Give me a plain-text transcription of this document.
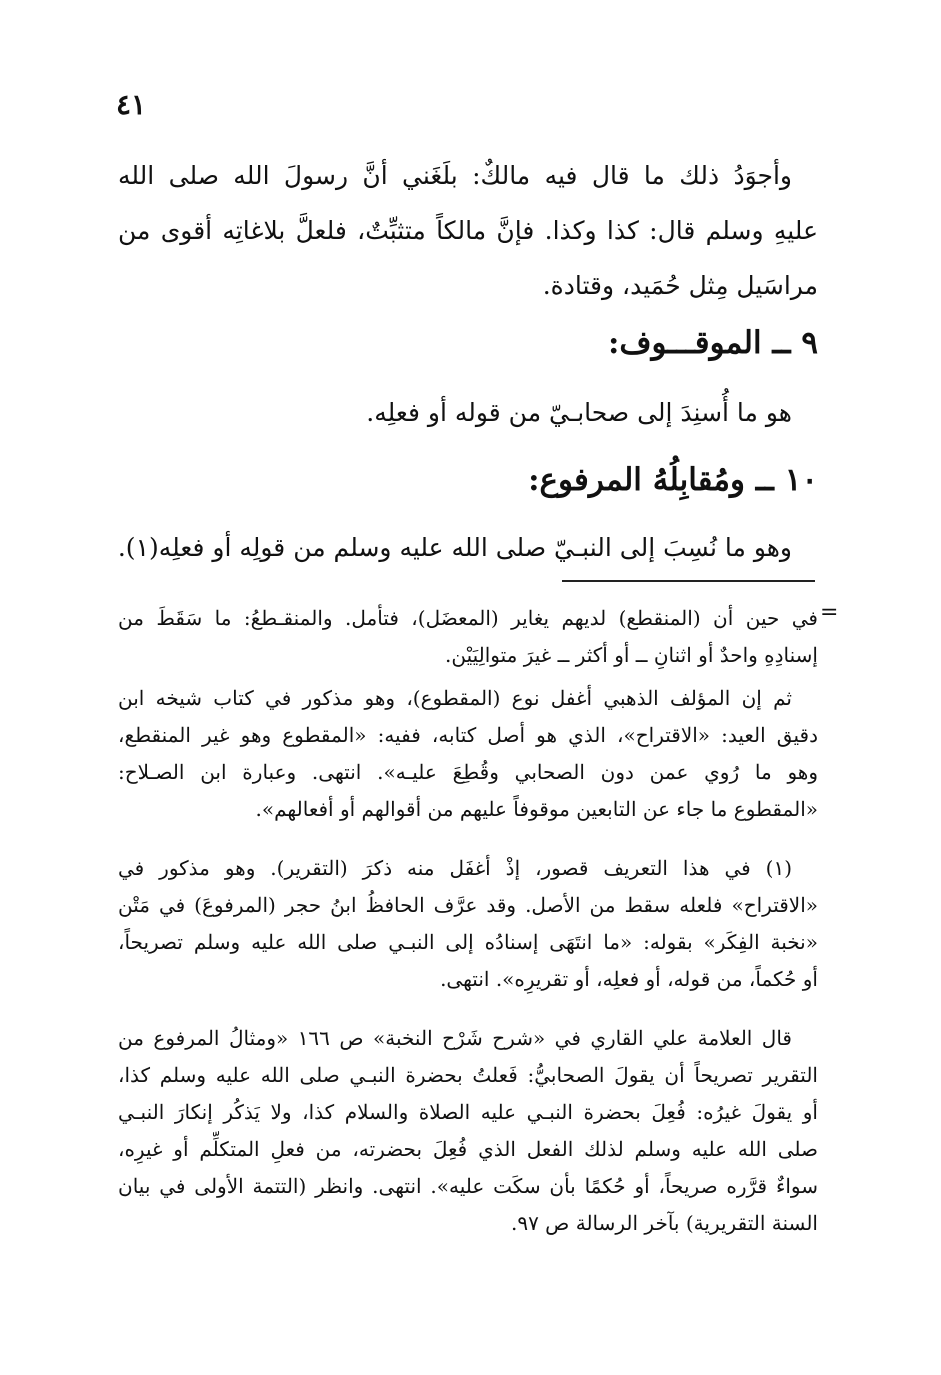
٤١
وأجوَدُ ذلك ما قال فيه مالكٌ: بلَغَني أنَّ رسولَ الله صلى الله
عليهِ وسلم قال: كذا وكذا. فإنَّ مالكاً متثبِّتٌ، فلعلَّ بلاغاتِه أقوى من
مراسَيل مِثل حُمَيد، وقتادة.
٩ ــ الموقـــوف:
هو ما أُسنِدَ إلى صحابـيّ من قوله أو فعلِه.
١٠ ــ ومُقابِلُهُ المرفوع:
وهو ما نُسِبَ إلى النبـيّ صلى الله عليه وسلم من قولِه أو فعلِه(١).
=
في حين أن (المنقطع) لديهم يغاير (المعضَل)، فتأمل. والمنقـطعُ: ما سَقَطَ من
إسنادِهِ واحدٌ أو اثنانِ ــ أو أكثر ــ غيرَ متوالِيَيْن.
ثم إن المؤلف الذهبي أغفل نوع (المقطوع)، وهو مذكور في كتاب شيخه ابن
دقيق العيد: «الاقتراح»، الذي هو أصل كتابه، ففيه: «المقطوع وهو غير المنقطع،
وهو ما رُوي عمن دون الصحابي وقُطِعَ عليـه». انتهى. وعبارة ابن الصـلاح:
«المقطوع ما جاء عن التابعين موقوفاً عليهم من أقوالهم أو أفعالهم».
(١) في هذا التعريف قصور، إذْ أغفَل منه ذكرَ (التقرير). وهو مذكور في
«الاقتراح» فلعله سقط من الأصل. وقد عرَّف الحافظُ ابنُ حجر (المرفوعَ) في مَتْن
«نخبة الفِكَر» بقوله: «ما انتَهَى إسنادُه إلى النبـي صلى الله عليه وسلم تصريحاً،
أو حُكماً، من قوله، أو فعلِه، أو تقريرِه». انتهى.
قال العلامة علي القاري في «شرح شَرْح النخبة» ص ١٦٦ «ومثالُ المرفوع من
التقرير تصريحاً أن يقولَ الصحابيُّ: فَعلتُ بحضرة النبـي صلى الله عليه وسلم كذا،
أو يقولَ غيرُه: فُعِلَ بحضرة النبـي عليه الصلاة والسلام كذا، ولا يَذكُر إنكارَ النبـي
صلى الله عليه وسلم لذلك الفعل الذي فُعِلَ بحضرته، من فعلِ المتكلِّم أو غيرِه،
سواءٌ قرَّره صريحاً، أو حُكمًا بأن سكَت عليه». انتهى. وانظر (التتمة الأولى في بيان
السنة التقريرية) بآخر الرسالة ص ٩٧.
